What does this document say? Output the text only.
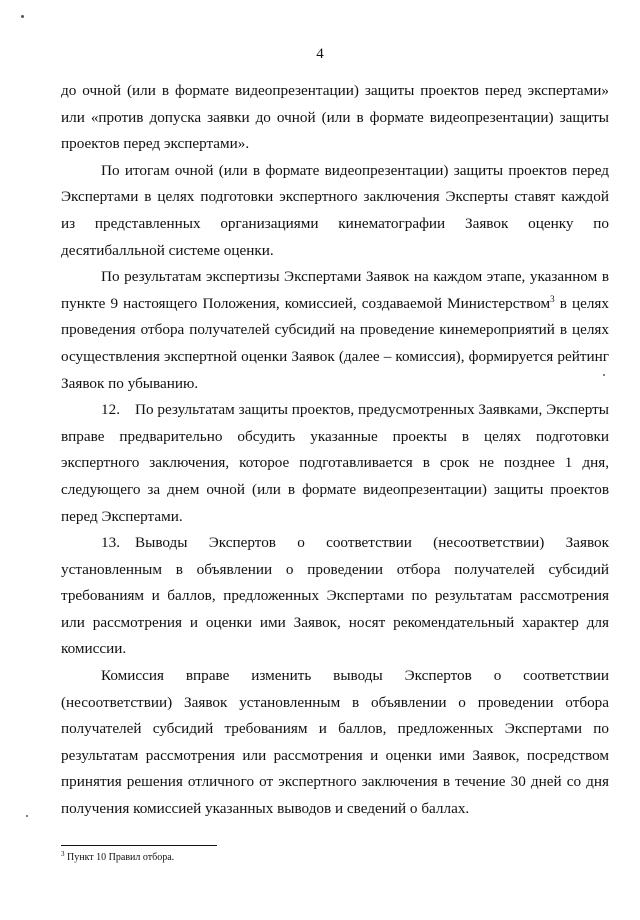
4

до очной (или в формате видеопрезентации) защиты проектов перед экспертами» или «против допуска заявки до очной (или в формате видеопрезентации) защиты проектов перед экспертами».

По итогам очной (или в формате видеопрезентации) защиты проектов перед Экспертами в целях подготовки экспертного заключения Эксперты ставят каждой из представленных организациями кинематографии Заявок оценку по десятибалльной системе оценки.

По результатам экспертизы Экспертами Заявок на каждом этапе, указанном в пункте 9 настоящего Положения, комиссией, создаваемой Министерством$^3$ в целях проведения отбора получателей субсидий на проведение кинемероприятий в целях осуществления экспертной оценки Заявок (далее – комиссия), формируется рейтинг Заявок по убыванию.

12. По результатам защиты проектов, предусмотренных Заявками, Эксперты вправе предварительно обсудить указанные проекты в целях подготовки экспертного заключения, которое подготавливается в срок не позднее 1 дня, следующего за днем очной (или в формате видеопрезентации) защиты проектов перед Экспертами.

13. Выводы Экспертов о соответствии (несоответствии) Заявок установленным в объявлении о проведении отбора получателей субсидий требованиям и баллов, предложенных Экспертами по результатам рассмотрения или рассмотрения и оценки ими Заявок, носят рекомендательный характер для комиссии.

Комиссия вправе изменить выводы Экспертов о соответствии (несоответствии) Заявок установленным в объявлении о проведении отбора получателей субсидий требованиям и баллов, предложенных Экспертами по результатам рассмотрения или рассмотрения и оценки ими Заявок, посредством принятия решения отличного от экспертного заключения в течение 30 дней со дня получения комиссией указанных выводов и сведений о баллах.

$^3$ Пункт 10 Правил отбора.
